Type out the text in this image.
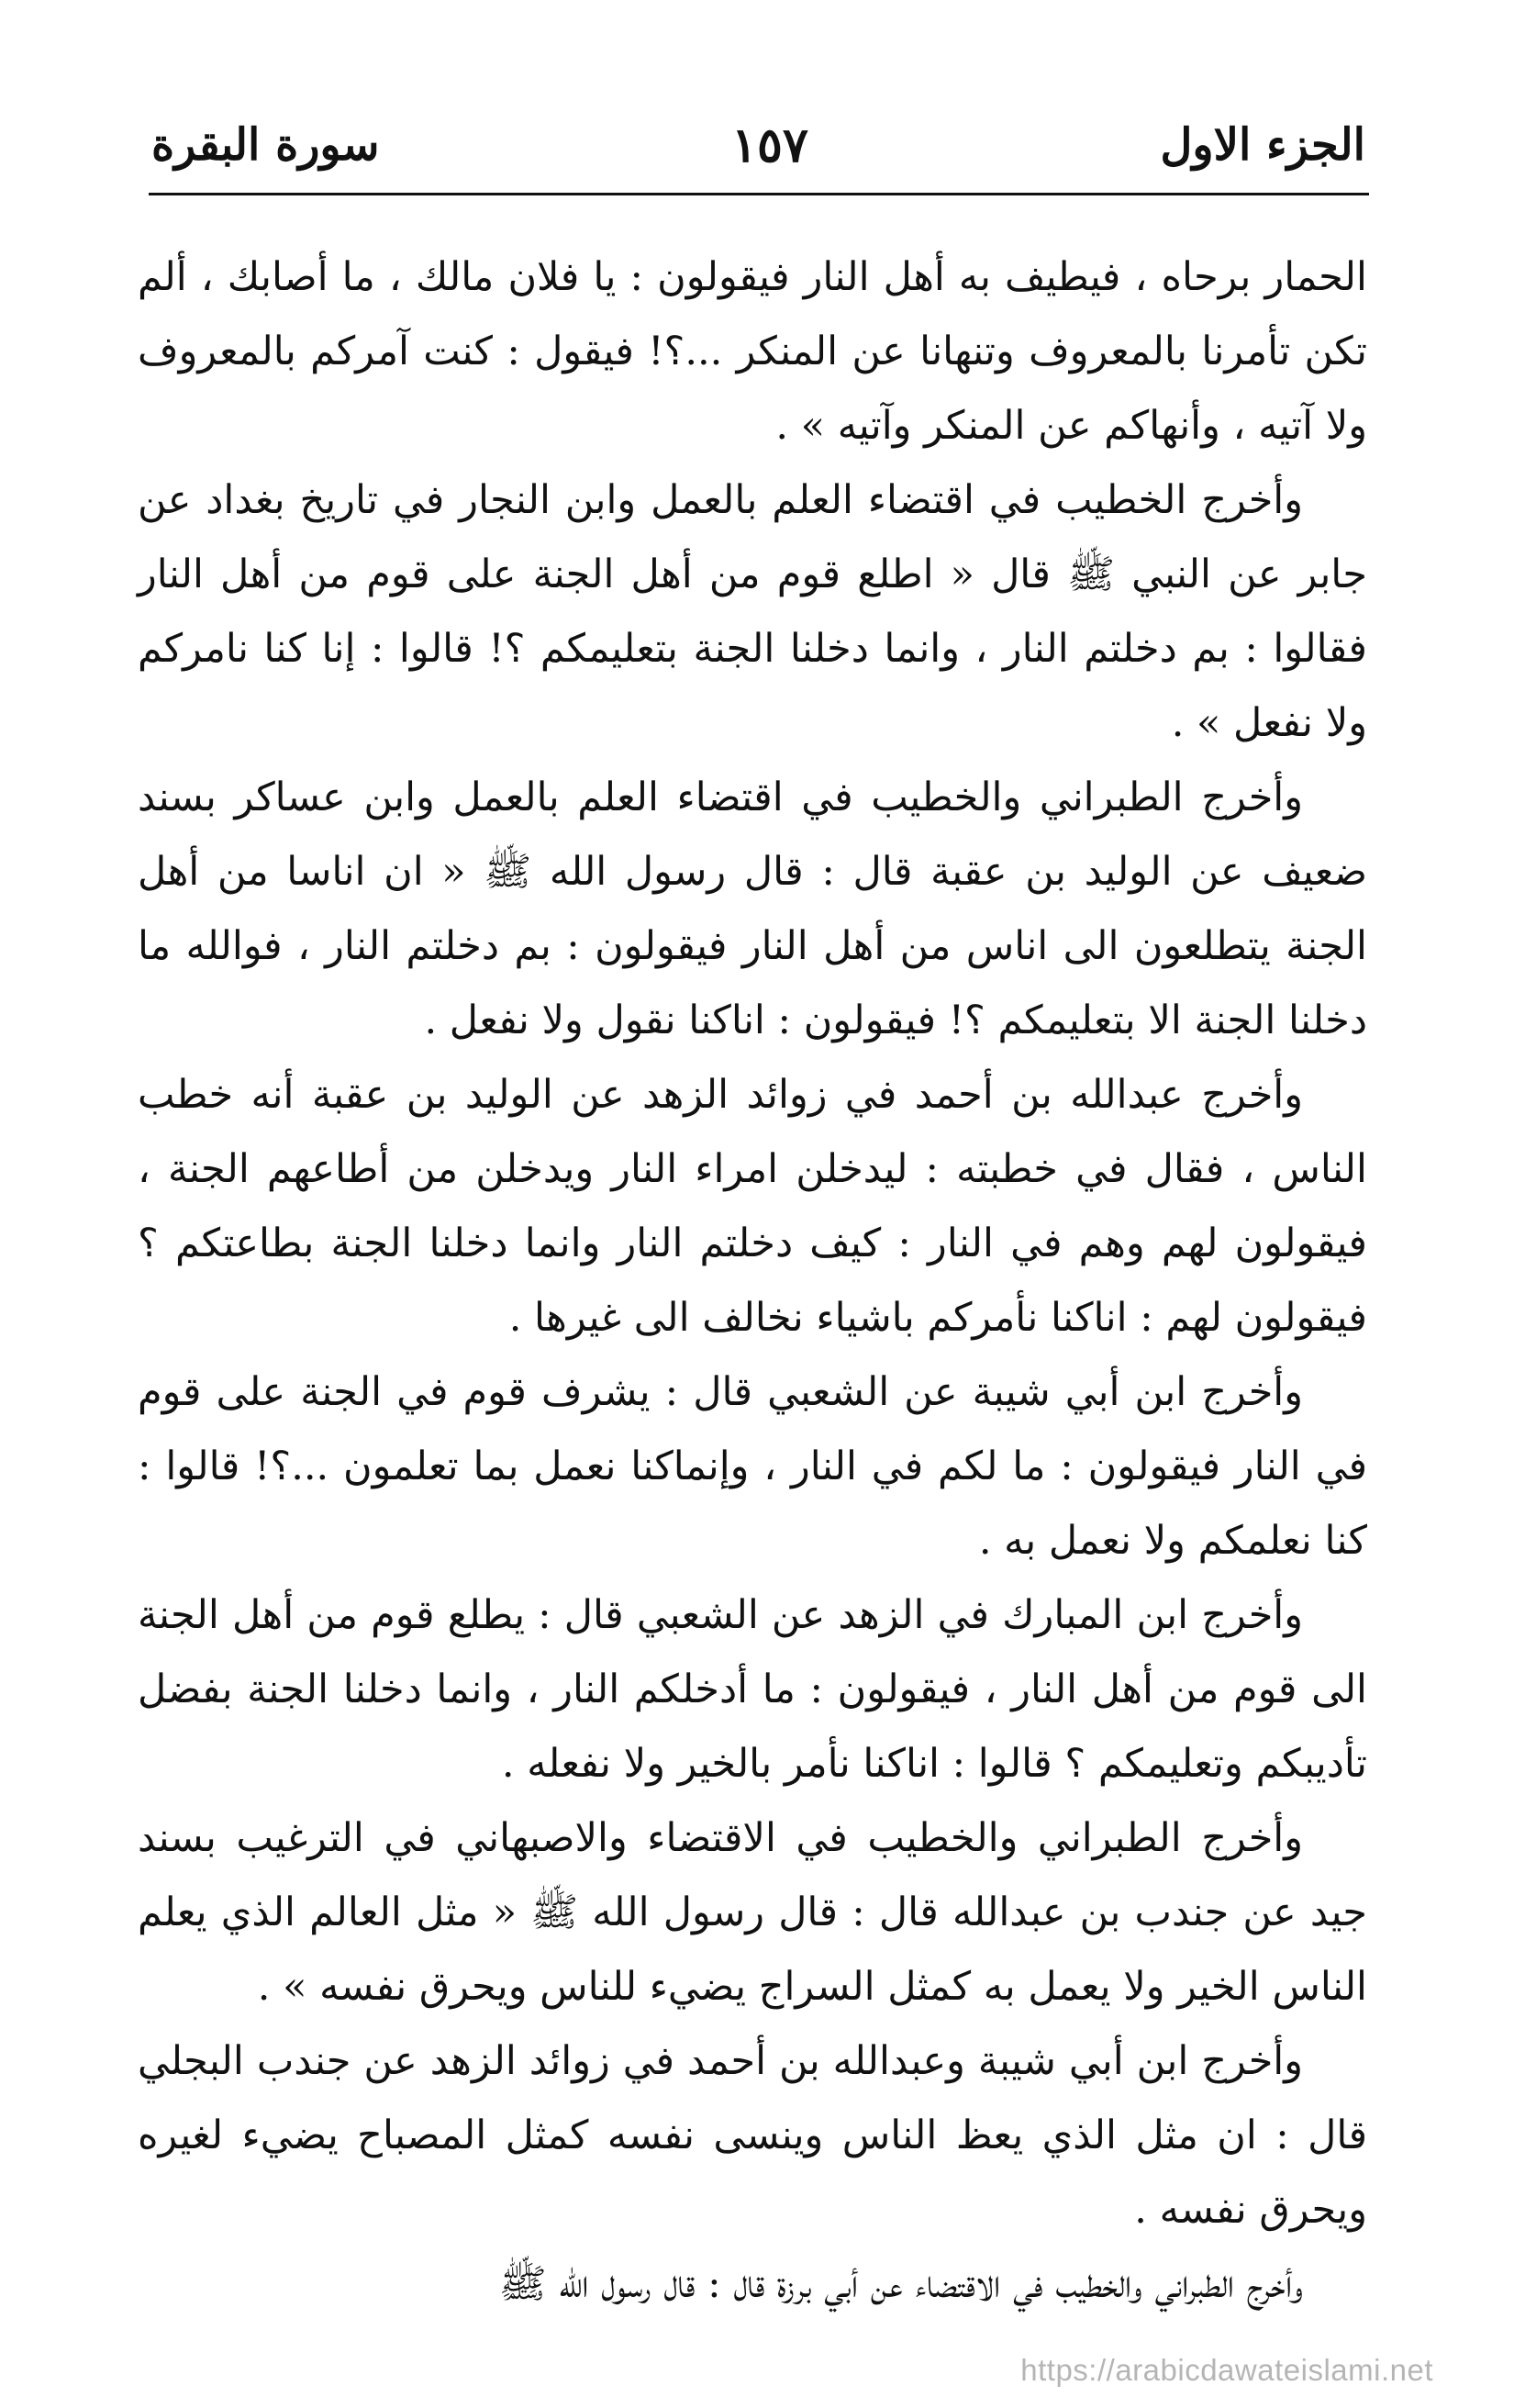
الجزء الاول
١٥٧
سورة البقرة

الحمار برحاه ، فيطيف به أهل النار فيقولون : يا فلان مالك ، ما أصابك ، ألم تكن تأمرنا بالمعروف وتنهانا عن المنكر ...؟! فيقول : كنت آمركم بالمعروف ولا آتيه ، وأنهاكم عن المنكر وآتيه » .

وأخرج الخطيب في اقتضاء العلم بالعمل وابن النجار في تاريخ بغداد عن جابر عن النبي ﷺ قال « اطلع قوم من أهل الجنة على قوم من أهل النار فقالوا : بم دخلتم النار ، وانما دخلنا الجنة بتعليمكم ؟! قالوا : إنا كنا نامركم ولا نفعل » .

وأخرج الطبراني والخطيب في اقتضاء العلم بالعمل وابن عساكر بسند ضعيف عن الوليد بن عقبة قال : قال رسول الله ﷺ « ان اناسا من أهل الجنة يتطلعون الى اناس من أهل النار فيقولون : بم دخلتم النار ، فوالله ما دخلنا الجنة الا بتعليمكم ؟! فيقولون : اناكنا نقول ولا نفعل .

وأخرج عبدالله بن أحمد في زوائد الزهد عن الوليد بن عقبة أنه خطب الناس ، فقال في خطبته : ليدخلن امراء النار ويدخلن من أطاعهم الجنة ، فيقولون لهم وهم في النار : كيف دخلتم النار وانما دخلنا الجنة بطاعتكم ؟ فيقولون لهم : اناكنا نأمركم باشياء نخالف الى غيرها .

وأخرج ابن أبي شيبة عن الشعبي قال : يشرف قوم في الجنة على قوم في النار فيقولون : ما لكم في النار ، وإنماكنا نعمل بما تعلمون ...؟! قالوا : كنا نعلمكم ولا نعمل به .

وأخرج ابن المبارك في الزهد عن الشعبي قال : يطلع قوم من أهل الجنة الى قوم من أهل النار ، فيقولون : ما أدخلكم النار ، وانما دخلنا الجنة بفضل تأديبكم وتعليمكم ؟ قالوا : اناكنا نأمر بالخير ولا نفعله .

وأخرج الطبراني والخطيب في الاقتضاء والاصبهاني في الترغيب بسند جيد عن جندب بن عبدالله قال : قال رسول الله ﷺ « مثل العالم الذي يعلم الناس الخير ولا يعمل به كمثل السراج يضيء للناس ويحرق نفسه » .

وأخرج ابن أبي شيبة وعبدالله بن أحمد في زوائد الزهد عن جندب البجلي قال : ان مثل الذي يعظ الناس وينسى نفسه كمثل المصباح يضيء لغيره ويحرق نفسه .

وأخرج الطبراني والخطيب في الاقتضاء عن أبي برزة قال : قال رسول الله ﷺ

https://arabicdawateislami.net
